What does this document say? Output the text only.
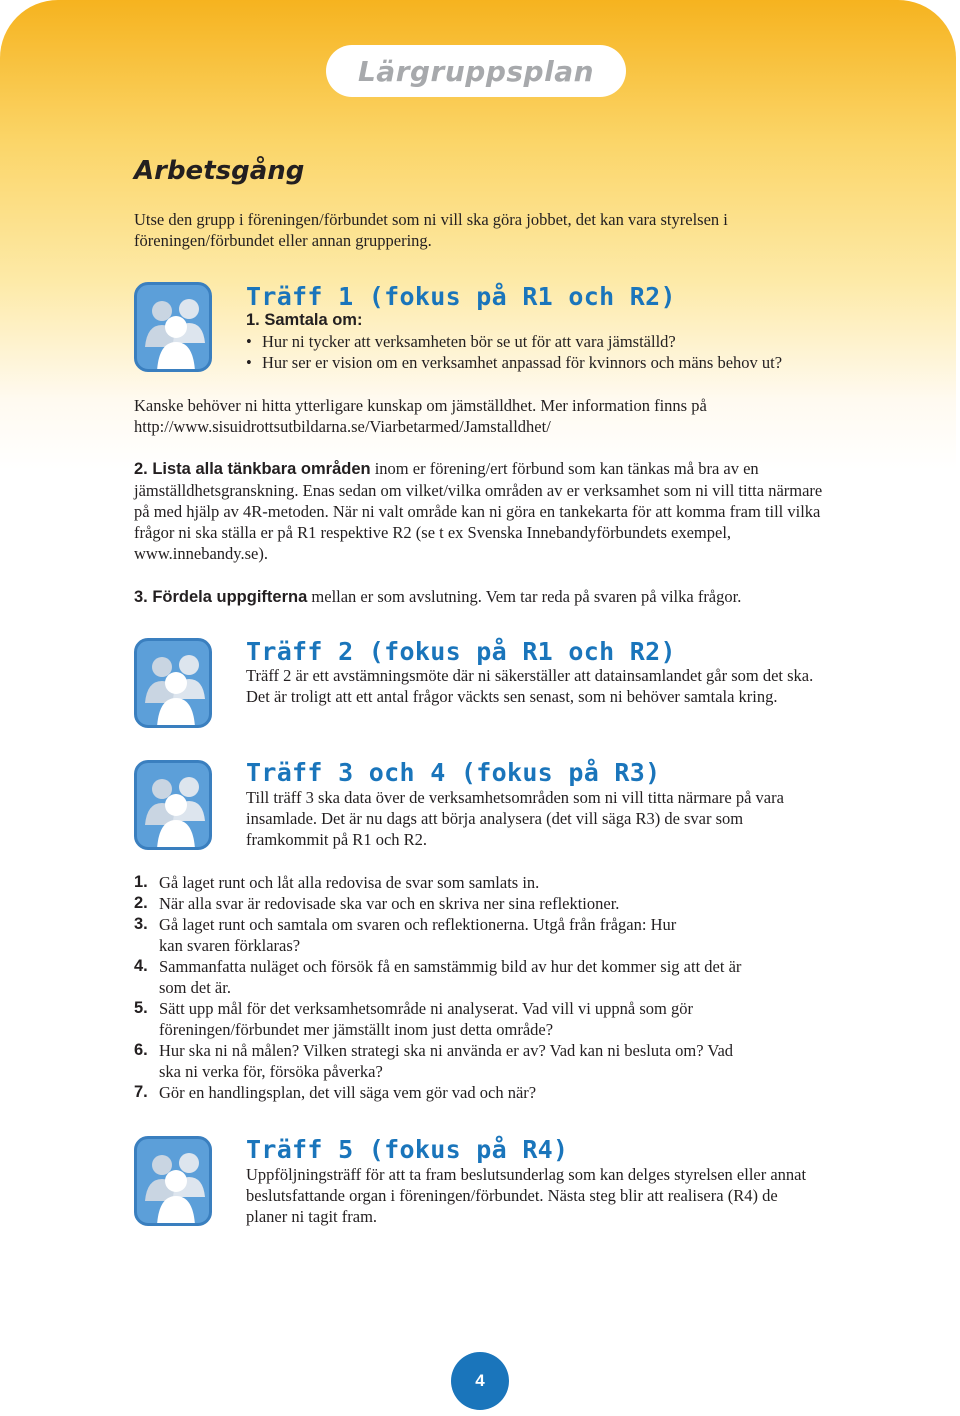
Lärgruppsplan
Arbetsgång

Utse den grupp i föreningen/förbundet som ni vill ska göra jobbet, det kan vara styrelsen i föreningen/förbundet eller annan gruppering.

Träff 1 (fokus på R1 och R2)
1. Samtala om:
• Hur ni tycker att verksamheten bör se ut för att vara jämställd?
• Hur ser er vision om en verksamhet anpassad för kvinnors och mäns behov ut?

Kanske behöver ni hitta ytterligare kunskap om jämställdhet. Mer information finns på http://www.sisuidrottsutbildarna.se/Viarbetarmed/Jamstalldhet/

2. Lista alla tänkbara områden inom er förening/ert förbund som kan tänkas må bra av en jämställdhetsgranskning. Enas sedan om vilket/vilka områden av er verksamhet som ni vill titta närmare på med hjälp av 4R-metoden. När ni valt område kan ni göra en tankekarta för att komma fram till vilka frågor ni ska ställa er på R1 respektive R2 (se t ex Svenska Innebandyförbundets exempel, www.innebandy.se).

3. Fördela uppgifterna mellan er som avslutning. Vem tar reda på svaren på vilka frågor.

Träff 2 (fokus på R1 och R2)

Träff 2 är ett avstämningsmöte där ni säkerställer att datainsamlandet går som det ska. Det är troligt att ett antal frågor väckts sen senast, som ni behöver samtala kring.

Träff 3 och 4 (fokus på R3)

Till träff 3 ska data över de verksamhetsområden som ni vill titta närmare på vara insamlade. Det är nu dags att börja analysera (det vill säga R3) de svar som framkommit på R1 och R2.

1. Gå laget runt och låt alla redovisa de svar som samlats in.
2. När alla svar är redovisade ska var och en skriva ner sina reflektioner.
3. Gå laget runt och samtala om svaren och reflektionerna. Utgå från frågan: Hur kan svaren förklaras?
4. Sammanfatta nuläget och försök få en samstämmig bild av hur det kommer sig att det är som det är.
5. Sätt upp mål för det verksamhetsområde ni analyserat. Vad vill vi uppnå som gör föreningen/förbundet mer jämställt inom just detta område?
6. Hur ska ni nå målen? Vilken strategi ska ni använda er av? Vad kan ni besluta om? Vad ska ni verka för, försöka påverka?
7. Gör en handlingsplan, det vill säga vem gör vad och när?
Träff 5 (fokus på R4)

Uppföljningsträff för att ta fram beslutsunderlag som kan delges styrelsen eller annat beslutsfattande organ i föreningen/förbundet. Nästa steg blir att realisera (R4) de planer ni tagit fram.

4
